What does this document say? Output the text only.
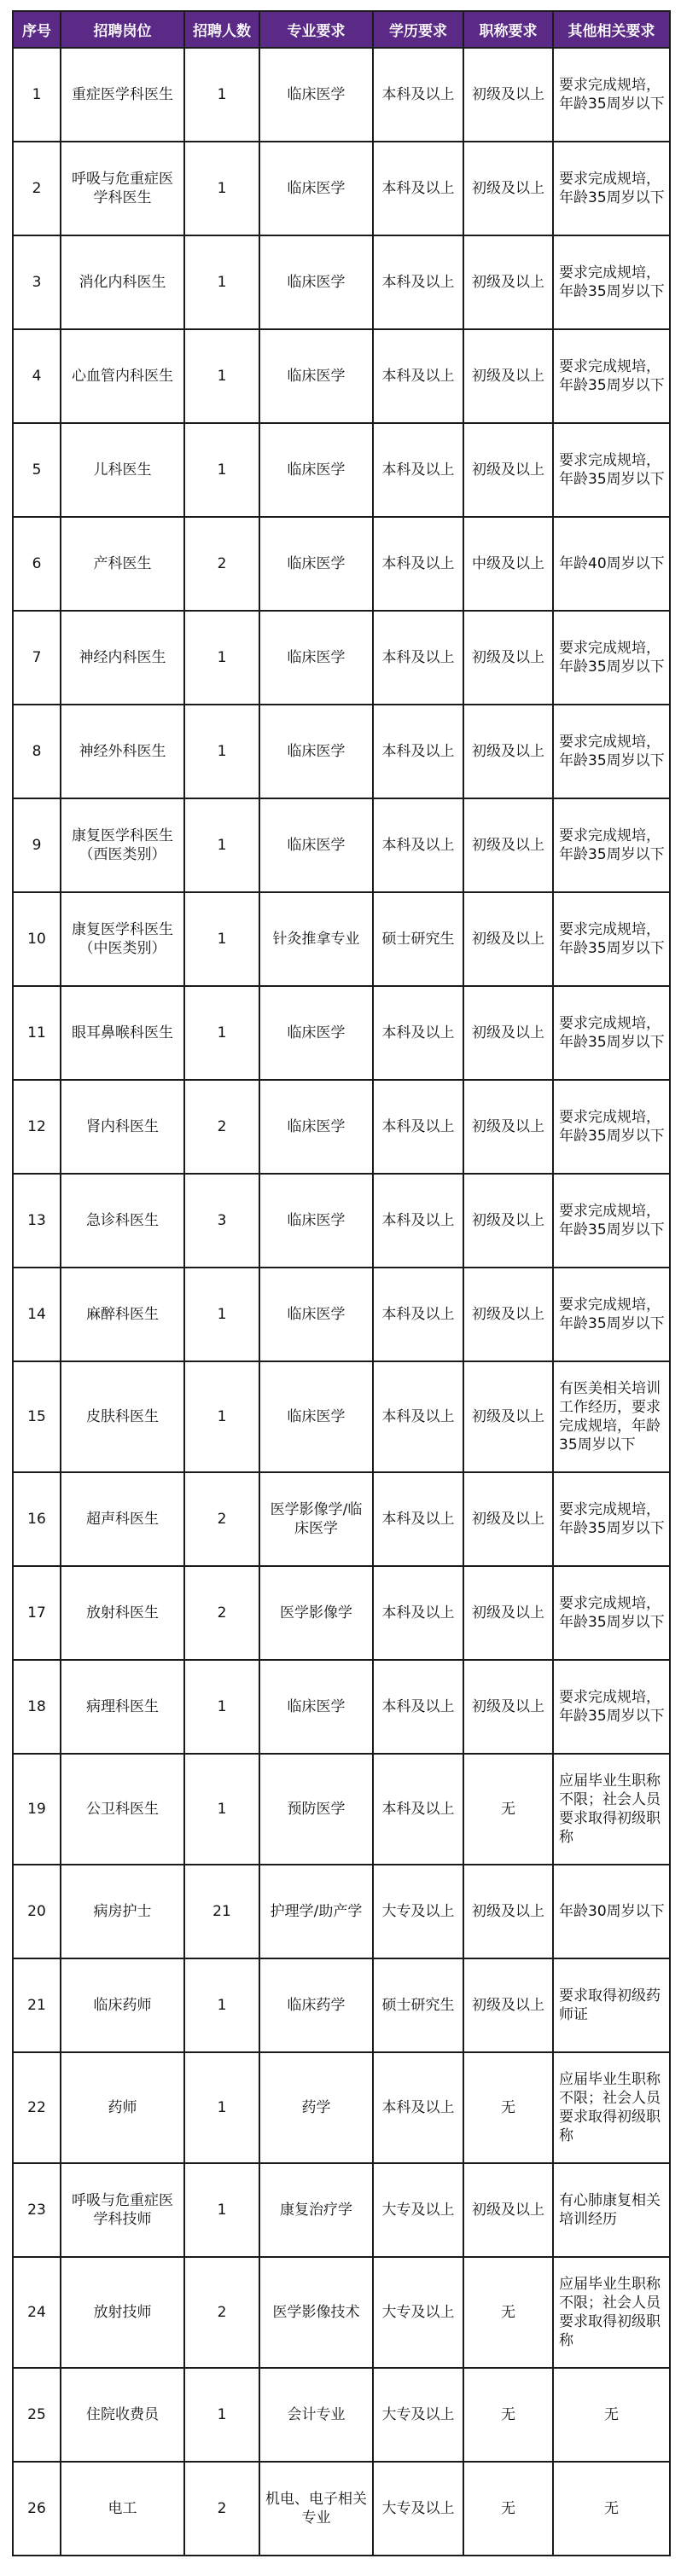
序号	招聘岗位	招聘人数	专业要求	学历要求	职称要求	其他相关要求
1	重症医学科医生	1	临床医学	本科及以上	初级及以上	要求完成规培，年龄35周岁以下
2	呼吸与危重症医学科医生	1	临床医学	本科及以上	初级及以上	要求完成规培，年龄35周岁以下
3	消化内科医生	1	临床医学	本科及以上	初级及以上	要求完成规培，年龄35周岁以下
4	心血管内科医生	1	临床医学	本科及以上	初级及以上	要求完成规培，年龄35周岁以下
5	儿科医生	1	临床医学	本科及以上	初级及以上	要求完成规培，年龄35周岁以下
6	产科医生	2	临床医学	本科及以上	中级及以上	年龄40周岁以下
7	神经内科医生	1	临床医学	本科及以上	初级及以上	要求完成规培，年龄35周岁以下
8	神经外科医生	1	临床医学	本科及以上	初级及以上	要求完成规培，年龄35周岁以下
9	康复医学科医生（西医类别）	1	临床医学	本科及以上	初级及以上	要求完成规培，年龄35周岁以下
10	康复医学科医生（中医类别）	1	针灸推拿专业	硕士研究生	初级及以上	要求完成规培，年龄35周岁以下
11	眼耳鼻喉科医生	1	临床医学	本科及以上	初级及以上	要求完成规培，年龄35周岁以下
12	肾内科医生	2	临床医学	本科及以上	初级及以上	要求完成规培，年龄35周岁以下
13	急诊科医生	3	临床医学	本科及以上	初级及以上	要求完成规培，年龄35周岁以下
14	麻醉科医生	1	临床医学	本科及以上	初级及以上	要求完成规培，年龄35周岁以下
15	皮肤科医生	1	临床医学	本科及以上	初级及以上	有医美相关培训工作经历，要求完成规培，年龄35周岁以下
16	超声科医生	2	医学影像学/临床医学	本科及以上	初级及以上	要求完成规培，年龄35周岁以下
17	放射科医生	2	医学影像学	本科及以上	初级及以上	要求完成规培，年龄35周岁以下
18	病理科医生	1	临床医学	本科及以上	初级及以上	要求完成规培，年龄35周岁以下
19	公卫科医生	1	预防医学	本科及以上	无	应届毕业生职称不限；社会人员要求取得初级职称
20	病房护士	21	护理学/助产学	大专及以上	初级及以上	年龄30周岁以下
21	临床药师	1	临床药学	硕士研究生	初级及以上	要求取得初级药师证
22	药师	1	药学	本科及以上	无	应届毕业生职称不限；社会人员要求取得初级职称
23	呼吸与危重症医学科技师	1	康复治疗学	大专及以上	初级及以上	有心肺康复相关培训经历
24	放射技师	2	医学影像技术	大专及以上	无	应届毕业生职称不限；社会人员要求取得初级职称
25	住院收费员	1	会计专业	大专及以上	无	无
26	电工	2	机电、电子相关专业	大专及以上	无	无
